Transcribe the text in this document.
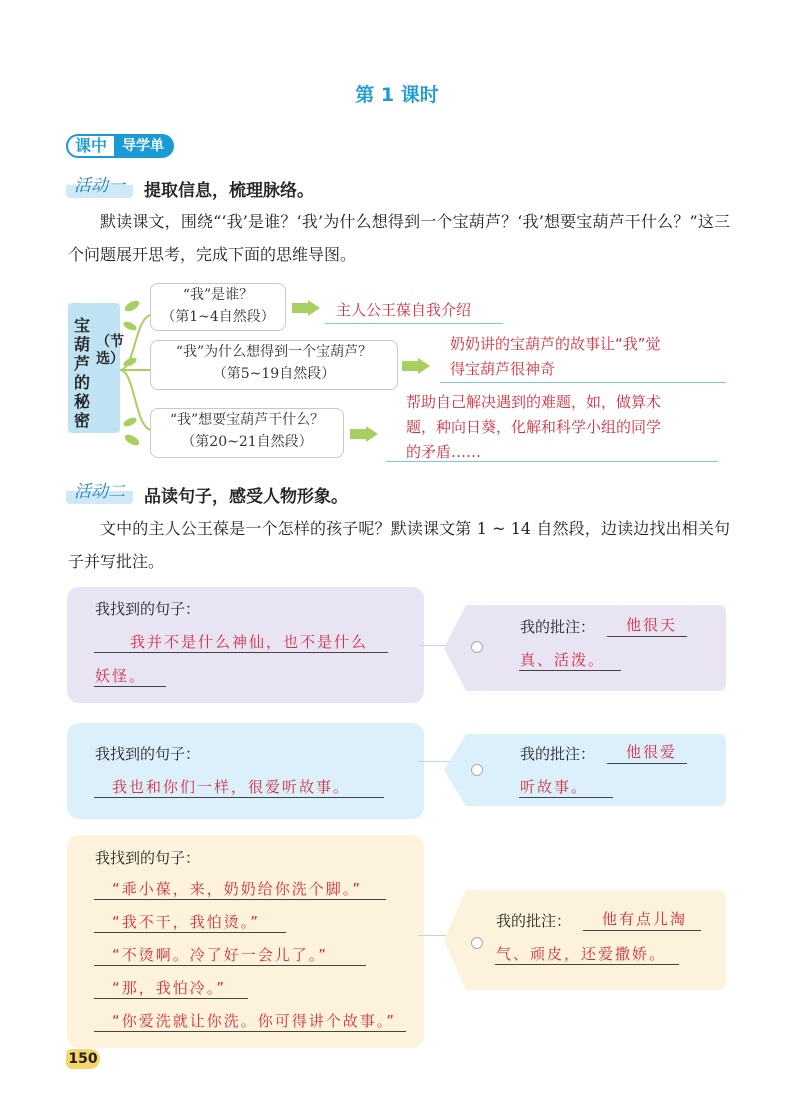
第 1 课时
课中	导学单
活动一	提取信息，梳理脉络。
默读课文，围绕“‘我’是谁？‘我’为什么想得到一个宝葫芦？‘我’想要宝葫芦干什么？”这三个问题展开思考，完成下面的思维导图。
宝葫芦的秘密
（节选）
“我”是谁？
（第1~4自然段）	主人公王葆自我介绍
“我”为什么想得到一个宝葫芦？
（第5~19自然段）
奶奶讲的宝葫芦的故事让“我”觉
得宝葫芦很神奇
“我”想要宝葫芦干什么？
（第20~21自然段）
帮助自己解决遇到的难题，如，做算术
题，种向日葵，化解和科学小组的同学
的矛盾……
活动二	品读句子，感受人物形象。
文中的主人公王葆是一个怎样的孩子呢？默读课文第 1 ~ 14 自然段，边读边找出相关句子并写批注。
我找到的句子：
我并不是什么神仙，也不是什么
妖怪。
我的批注： 他很天
真、活泼。
我找到的句子：
我也和你们一样，很爱听故事。
我的批注： 他很爱
听故事。
我找到的句子：
“乖小葆，来，奶奶给你洗个脚。”
“我不干，我怕烫。”
“不烫啊。冷了好一会儿了。”
“那，我怕冷。”
“你爱洗就让你洗。你可得讲个故事。”
我的批注： 他有点儿淘
气、顽皮，还爱撒娇。
150
